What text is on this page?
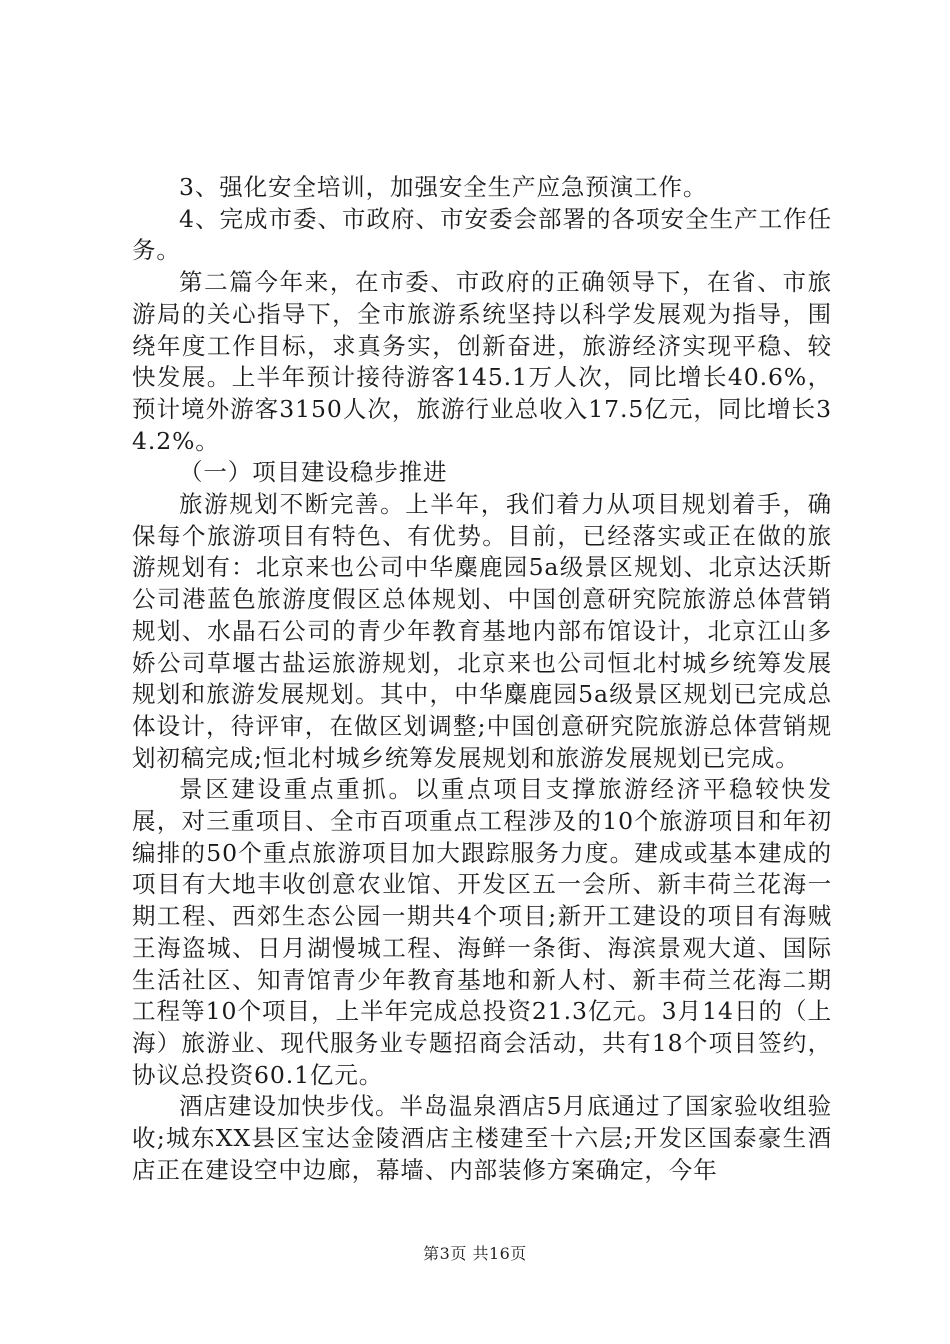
3、强化安全培训，加强安全生产应急预演工作。

4、完成市委、市政府、市安委会部署的各项安全生产工作任务。

第二篇今年来，在市委、市政府的正确领导下，在省、市旅游局的关心指导下，全市旅游系统坚持以科学发展观为指导，围绕年度工作目标，求真务实，创新奋进，旅游经济实现平稳、较快发展。上半年预计接待游客145.1万人次，同比增长40.6%，预计境外游客3150人次，旅游行业总收入17.5亿元，同比增长34.2%。

（一）项目建设稳步推进

旅游规划不断完善。上半年，我们着力从项目规划着手，确保每个旅游项目有特色、有优势。目前，已经落实或正在做的旅游规划有：北京来也公司中华麋鹿园5a级景区规划、北京达沃斯公司港蓝色旅游度假区总体规划、中国创意研究院旅游总体营销规划、水晶石公司的青少年教育基地内部布馆设计，北京江山多娇公司草堰古盐运旅游规划，北京来也公司恒北村城乡统筹发展规划和旅游发展规划。其中，中华麋鹿园5a级景区规划已完成总体设计，待评审，在做区划调整;中国创意研究院旅游总体营销规划初稿完成;恒北村城乡统筹发展规划和旅游发展规划已完成。

景区建设重点重抓。以重点项目支撑旅游经济平稳较快发展，对三重项目、全市百项重点工程涉及的10个旅游项目和年初编排的50个重点旅游项目加大跟踪服务力度。建成或基本建成的项目有大地丰收创意农业馆、开发区五一会所、新丰荷兰花海一期工程、西郊生态公园一期共4个项目;新开工建设的项目有海贼王海盗城、日月湖慢城工程、海鲜一条街、海滨景观大道、国际生活社区、知青馆青少年教育基地和新人村、新丰荷兰花海二期工程等10个项目，上半年完成总投资21.3亿元。3月14日的（上海）旅游业、现代服务业专题招商会活动，共有18个项目签约，协议总投资60.1亿元。

酒店建设加快步伐。半岛温泉酒店5月底通过了国家验收组验收;城东XX县区宝达金陵酒店主楼建至十六层;开发区国泰豪生酒店正在建设空中边廊，幕墙、内部装修方案确定，今年

第3页 共16页
